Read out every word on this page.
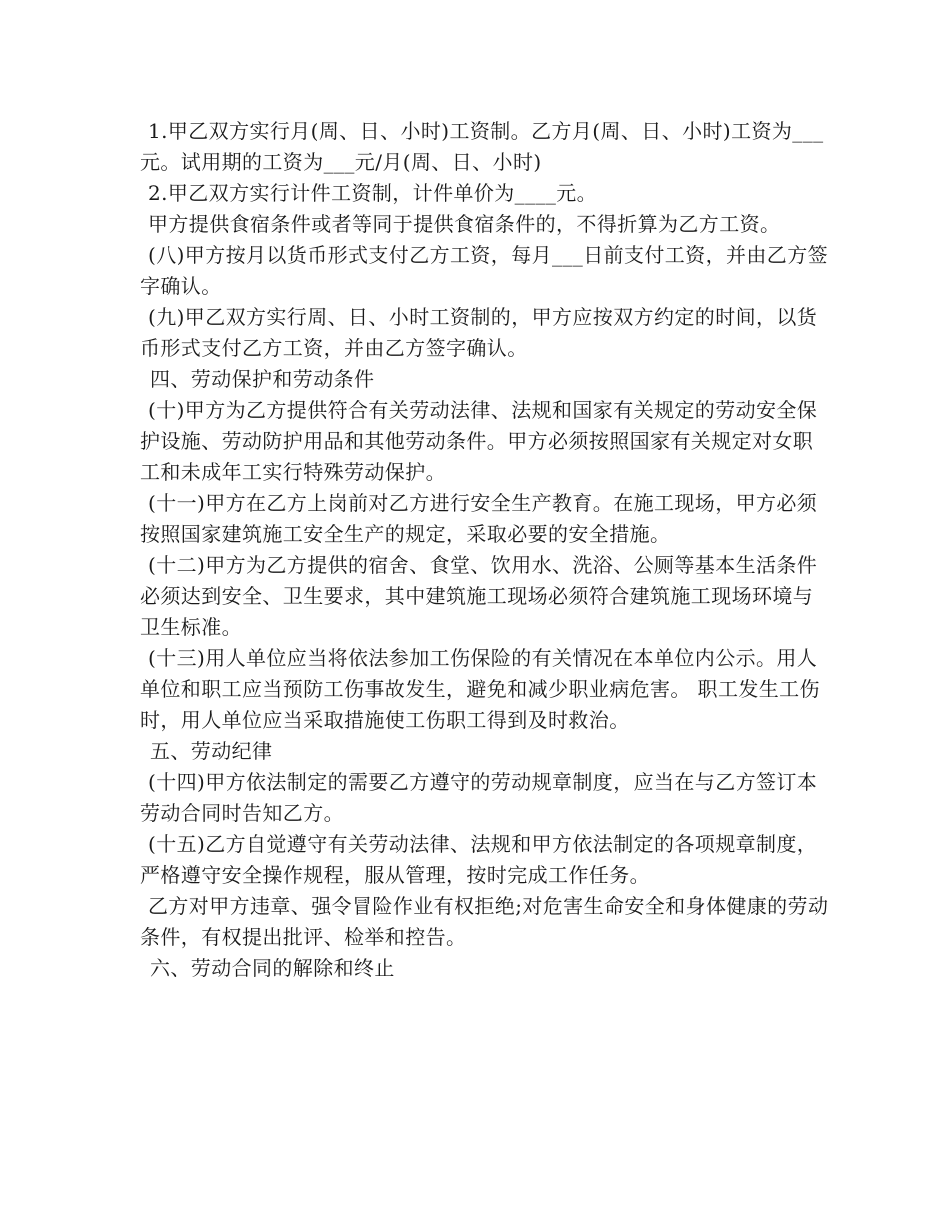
1.甲乙双方实行月(周、日、小时)工资制。乙方月(周、日、小时)工资为___元。试用期的工资为___元/月(周、日、小时)

2.甲乙双方实行计件工资制，计件单价为____元。

甲方提供食宿条件或者等同于提供食宿条件的，不得折算为乙方工资。

(八)甲方按月以货币形式支付乙方工资，每月___日前支付工资，并由乙方签字确认。

(九)甲乙双方实行周、日、小时工资制的，甲方应按双方约定的时间，以货币形式支付乙方工资，并由乙方签字确认。

四、劳动保护和劳动条件

(十)甲方为乙方提供符合有关劳动法律、法规和国家有关规定的劳动安全保护设施、劳动防护用品和其他劳动条件。甲方必须按照国家有关规定对女职工和未成年工实行特殊劳动保护。

(十一)甲方在乙方上岗前对乙方进行安全生产教育。在施工现场，甲方必须按照国家建筑施工安全生产的规定，采取必要的安全措施。

(十二)甲方为乙方提供的宿舍、食堂、饮用水、洗浴、公厕等基本生活条件必须达到安全、卫生要求，其中建筑施工现场必须符合建筑施工现场环境与卫生标准。

(十三)用人单位应当将依法参加工伤保险的有关情况在本单位内公示。用人单位和职工应当预防工伤事故发生，避免和减少职业病危害。 职工发生工伤时，用人单位应当采取措施使工伤职工得到及时救治。

五、劳动纪律

(十四)甲方依法制定的需要乙方遵守的劳动规章制度，应当在与乙方签订本劳动合同时告知乙方。

(十五)乙方自觉遵守有关劳动法律、法规和甲方依法制定的各项规章制度，严格遵守安全操作规程，服从管理，按时完成工作任务。

乙方对甲方违章、强令冒险作业有权拒绝;对危害生命安全和身体健康的劳动条件，有权提出批评、检举和控告。

六、劳动合同的解除和终止
